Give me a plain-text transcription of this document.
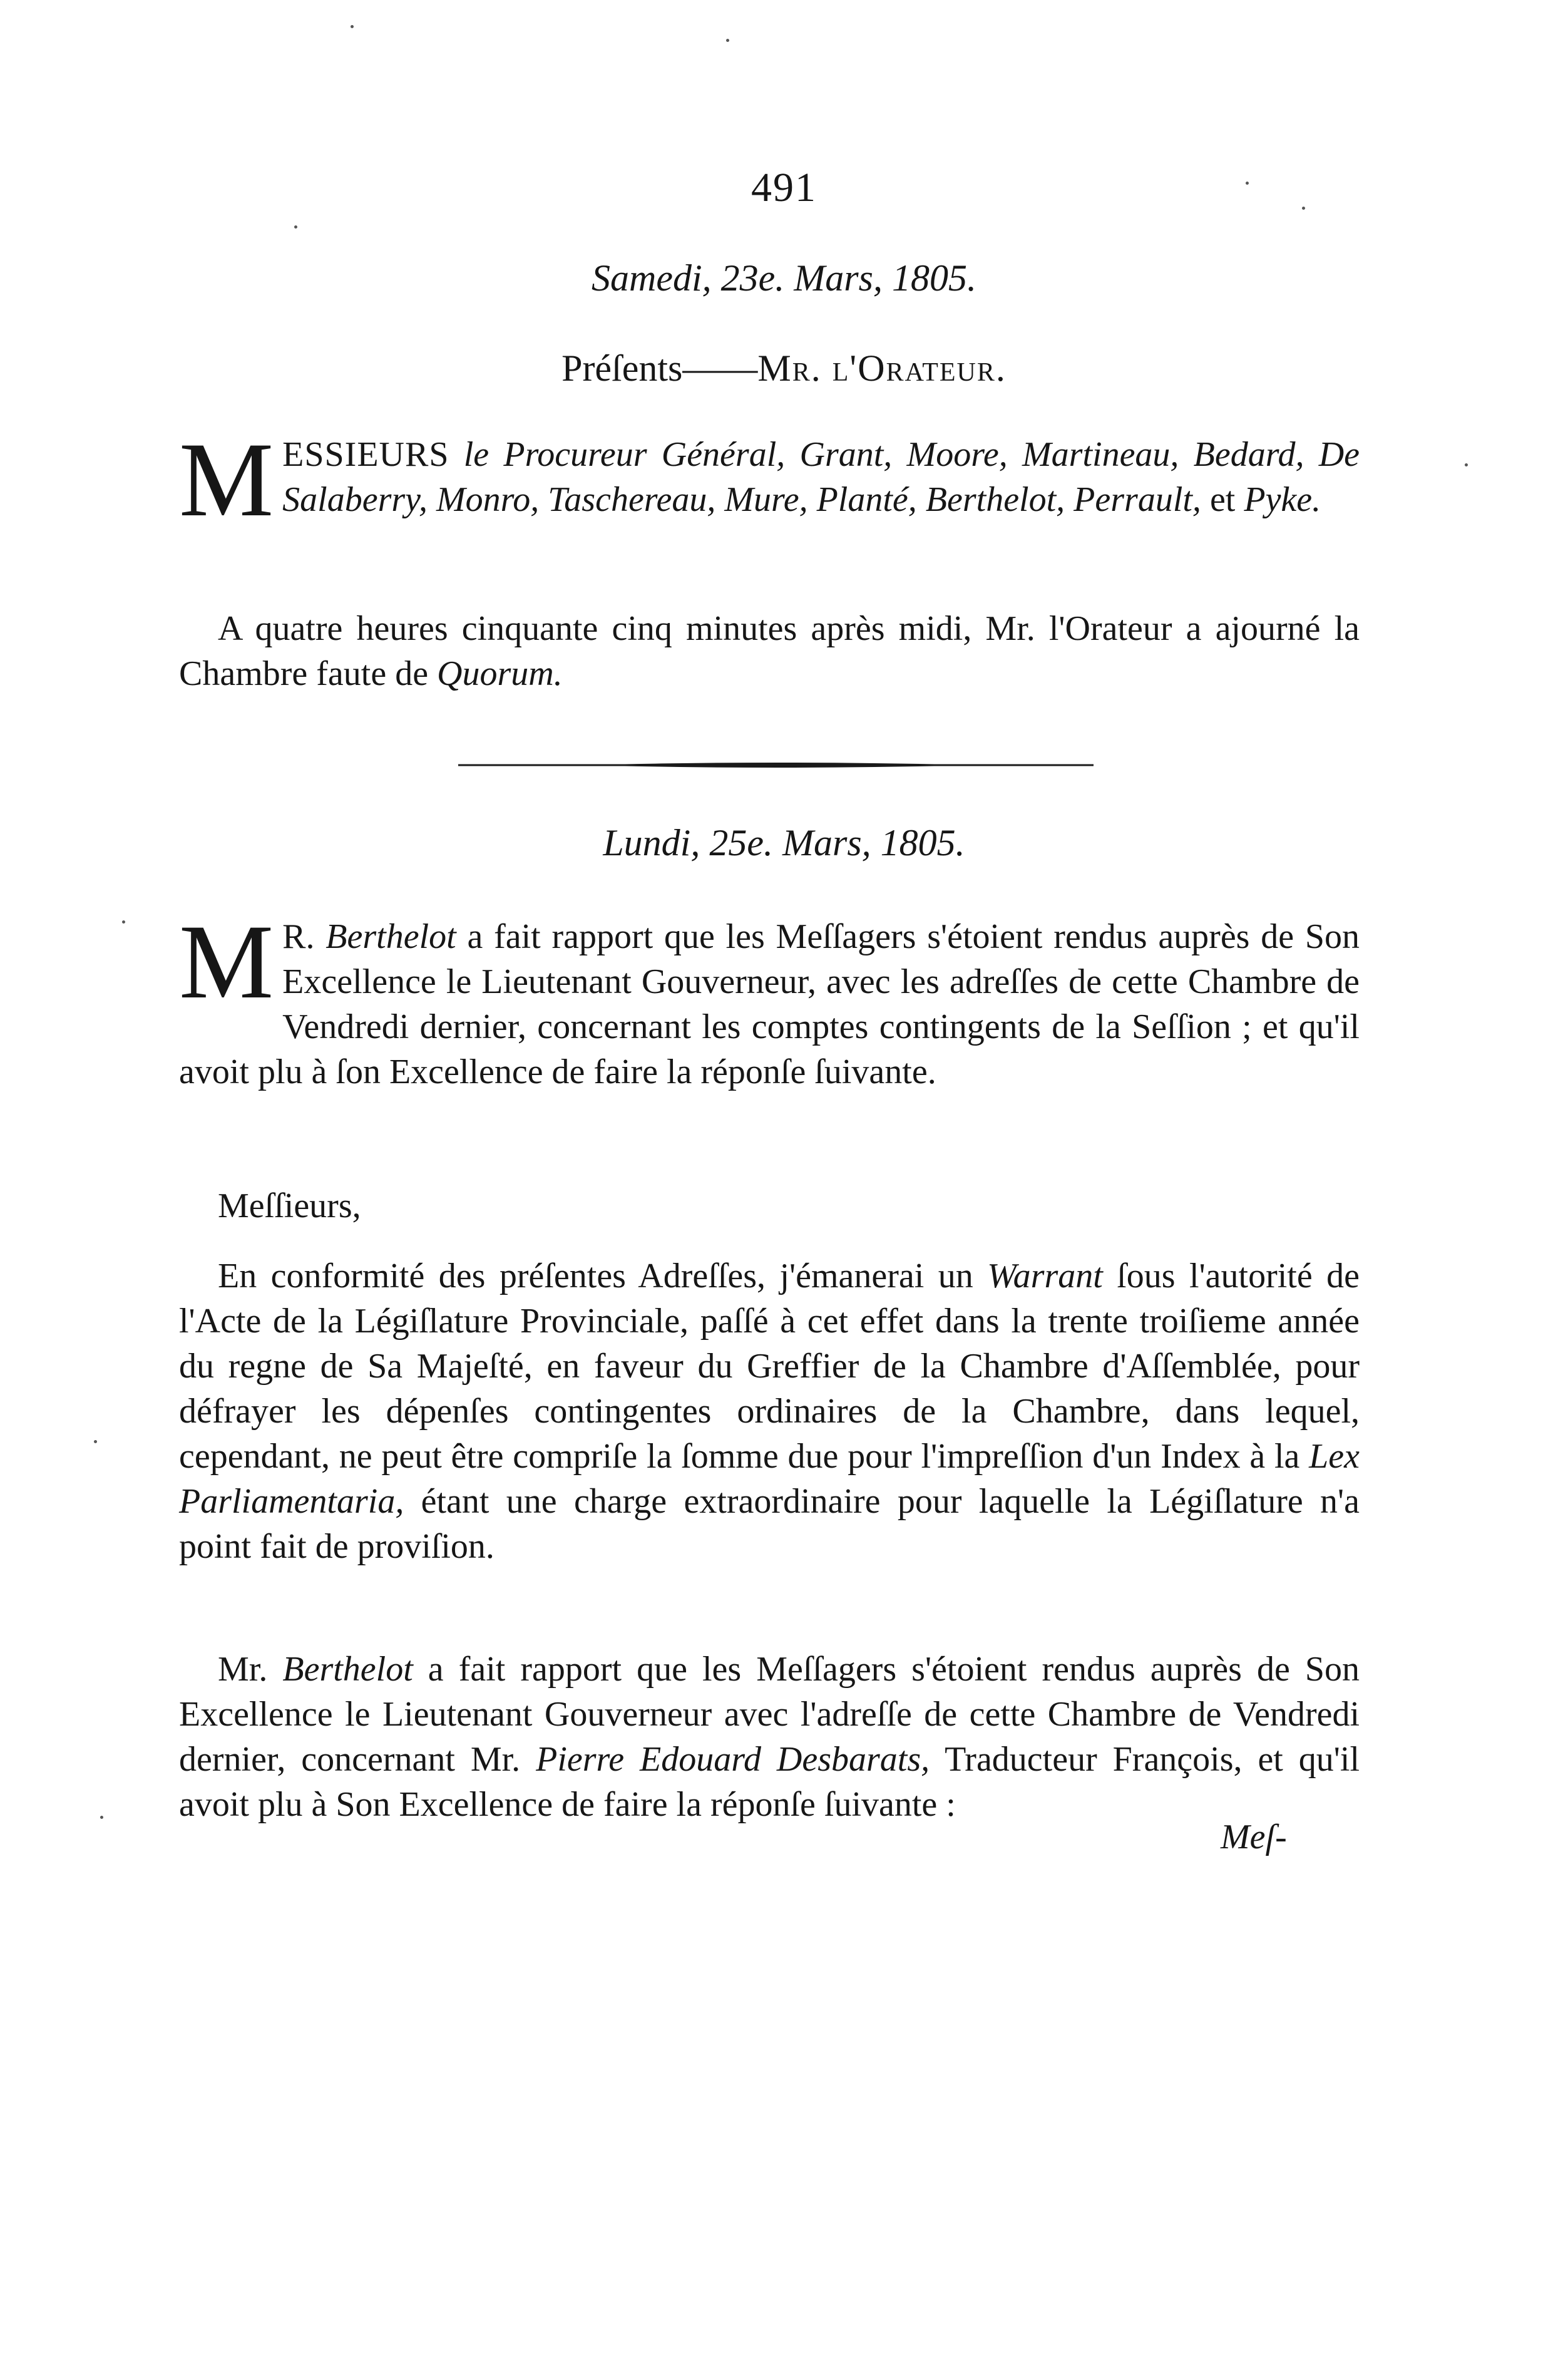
491
Samedi, 23e. Mars, 1805.
Préſents——Mr. l'Orateur.

MESSIEURS le Procureur Général, Grant, Moore, Martineau, Bedard, De Salaberry, Monro, Taschereau, Mure, Planté, Berthelot, Perrault, et Pyke.

A quatre heures cinquante cinq minutes après midi, Mr. l'Orateur a ajourné la Chambre faute de Quorum.

Lundi, 25e. Mars, 1805.

M R. Berthelot a fait rapport que les Meſſagers s'étoient rendus auprès de Son Excellence le Lieutenant Gouverneur, avec les adreſſes de cette Chambre de Vendredi dernier, concernant les comptes contingents de la Seſſion ; et qu'il avoit plu à ſon Excellence de faire la réponſe ſuivante.

Meſſieurs,

En conformité des préſentes Adreſſes, j'émanerai un Warrant ſous l'autorité de l'Acte de la Légiſlature Provinciale, paſſé à cet effet dans la trente troiſieme année du regne de Sa Majeſté, en faveur du Greffier de la Chambre d'Aſſemblée, pour défrayer les dépenſes contingentes ordinaires de la Chambre, dans lequel, cependant, ne peut être compriſe la ſomme due pour l'impreſſion d'un Index à la Lex Parliamentaria, étant une charge extraordinaire pour laquelle la Légiſlature n'a point fait de proviſion.

Mr. Berthelot a fait rapport que les Meſſagers s'étoient rendus auprès de Son Excellence le Lieutenant Gouverneur avec l'adreſſe de cette Chambre de Vendredi dernier, concernant Mr. Pierre Edouard Desbarats, Traducteur François, et qu'il avoit plu à Son Excellence de faire la réponſe ſuivante :

Meſ-
